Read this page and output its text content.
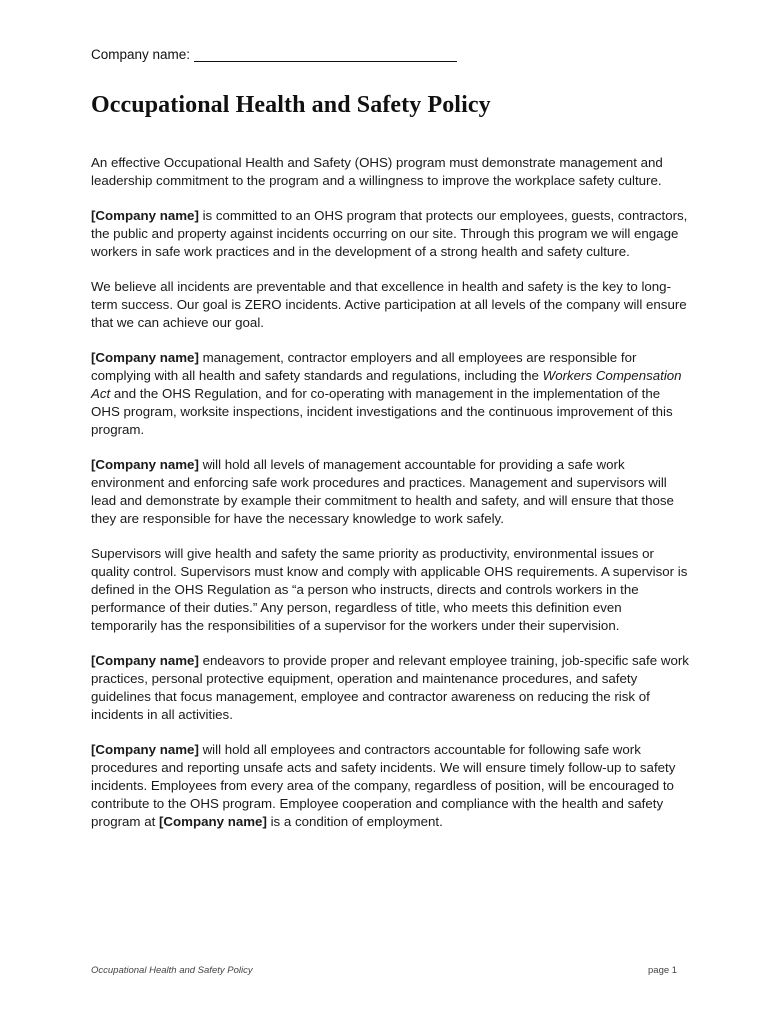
Company name:
Occupational Health and Safety Policy

An effective Occupational Health and Safety (OHS) program must demonstrate management and leadership commitment to the program and a willingness to improve the workplace safety culture.

[Company name] is committed to an OHS program that protects our employees, guests, contractors, the public and property against incidents occurring on our site. Through this program we will engage workers in safe work practices and in the development of a strong health and safety culture.

We believe all incidents are preventable and that excellence in health and safety is the key to long-term success. Our goal is ZERO incidents. Active participation at all levels of the company will ensure that we can achieve our goal.

[Company name] management, contractor employers and all employees are responsible for complying with all health and safety standards and regulations, including the Workers Compensation Act and the OHS Regulation, and for co-operating with management in the implementation of the OHS program, worksite inspections, incident investigations and the continuous improvement of this program.

[Company name] will hold all levels of management accountable for providing a safe work environment and enforcing safe work procedures and practices. Management and supervisors will lead and demonstrate by example their commitment to health and safety, and will ensure that those they are responsible for have the necessary knowledge to work safely.

Supervisors will give health and safety the same priority as productivity, environmental issues or quality control. Supervisors must know and comply with applicable OHS requirements. A supervisor is defined in the OHS Regulation as “a person who instructs, directs and controls workers in the performance of their duties.” Any person, regardless of title, who meets this definition even temporarily has the responsibilities of a supervisor for the workers under their supervision.

[Company name] endeavors to provide proper and relevant employee training, job-specific safe work practices, personal protective equipment, operation and maintenance procedures, and safety guidelines that focus management, employee and contractor awareness on reducing the risk of incidents in all activities.

[Company name] will hold all employees and contractors accountable for following safe work procedures and reporting unsafe acts and safety incidents. We will ensure timely follow-up to safety incidents. Employees from every area of the company, regardless of position, will be encouraged to contribute to the OHS program. Employee cooperation and compliance with the health and safety program at [Company name] is a condition of employment.

Occupational Health and Safety Policy	page 1
